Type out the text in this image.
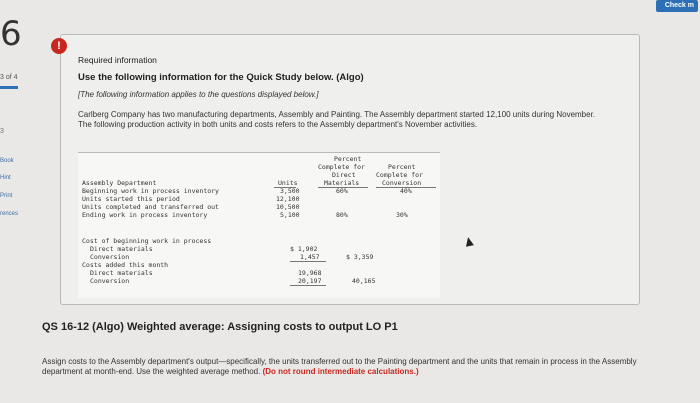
6
3 of 4
3
Book
Hint
Print
rences
Check m
!
Required information
Use the following information for the Quick Study below. (Algo)
[The following information applies to the questions displayed below.]
Carlberg Company has two manufacturing departments, Assembly and Painting. The Assembly department started 12,100 units during November. The following production activity in both units and costs refers to the Assembly department's November activities.
Percent
Complete for
Direct
Materials
Percent
Complete for
Conversion
Units
Assembly Department
Beginning work in process inventory	3,500	60%	40%
Units started this period	12,100
Units completed and transferred out	10,500
Ending work in process inventory	5,100	80%	30%
Cost of beginning work in process
Direct materials	$ 1,902
Conversion	1,457	$ 3,359
Costs added this month
Direct materials	19,968
Conversion	20,197	40,165
QS 16-12 (Algo) Weighted average: Assigning costs to output LO P1
Assign costs to the Assembly department's output—specifically, the units transferred out to the Painting department and the units that remain in process in the Assembly department at month-end. Use the weighted average method. (Do not round intermediate calculations.)
